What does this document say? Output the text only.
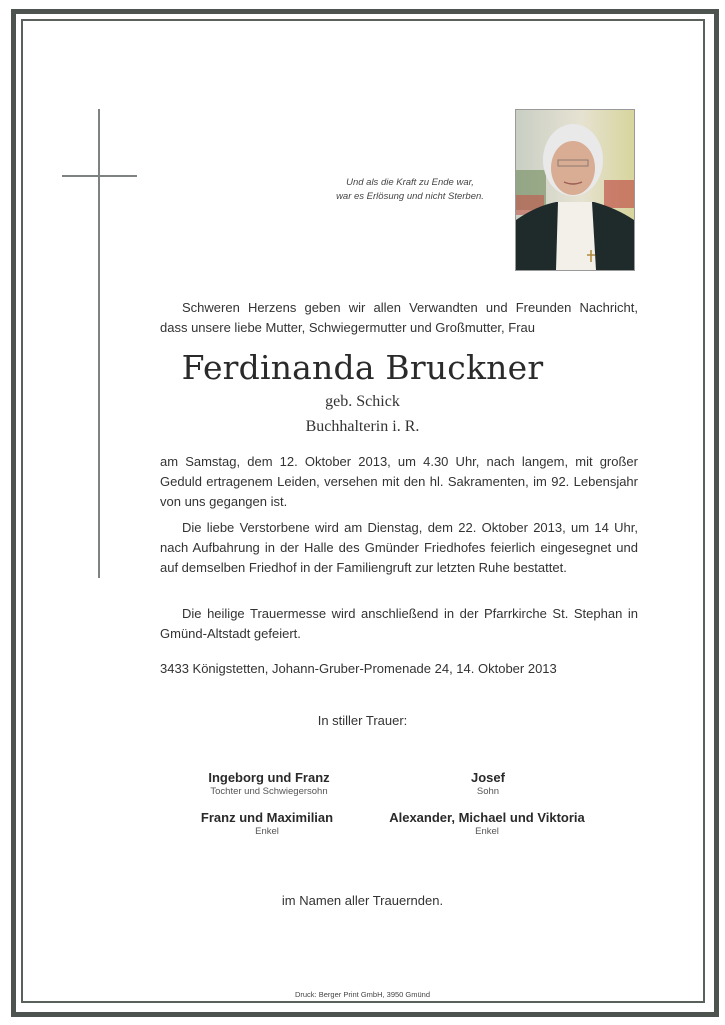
Und als die Kraft zu Ende war,
war es Erlösung und nicht Sterben.
Schweren Herzens geben wir allen Verwandten und Freunden Nachricht,
dass unsere liebe Mutter, Schwiegermutter und Großmutter, Frau
Ferdinanda Bruckner
geb. Schick
Buchhalterin i. R.
am Samstag, dem 12. Oktober 2013, um 4.30 Uhr, nach langem, mit großer Geduld ertragenem Leiden, versehen mit den hl. Sakramenten, im 92. Lebensjahr von uns gegangen ist.
Die liebe Verstorbene wird am Dienstag, dem 22. Oktober 2013, um 14 Uhr, nach Aufbahrung in der Halle des Gmünder Friedhofes feierlich eingesegnet und auf demselben Friedhof in der Familiengruft zur letzten Ruhe bestattet.
Die heilige Trauermesse wird anschließend in der Pfarrkirche St. Stephan in Gmünd-Altstadt gefeiert.
3433 Königstetten, Johann-Gruber-Promenade 24, 14. Oktober 2013
In stiller Trauer:
Ingeborg und Franz
Tochter und Schwiegersohn
Josef
Sohn
Franz und Maximilian
Enkel
Alexander, Michael und Viktoria
Enkel
im Namen aller Trauernden.
Druck: Berger Print GmbH, 3950 Gmünd
